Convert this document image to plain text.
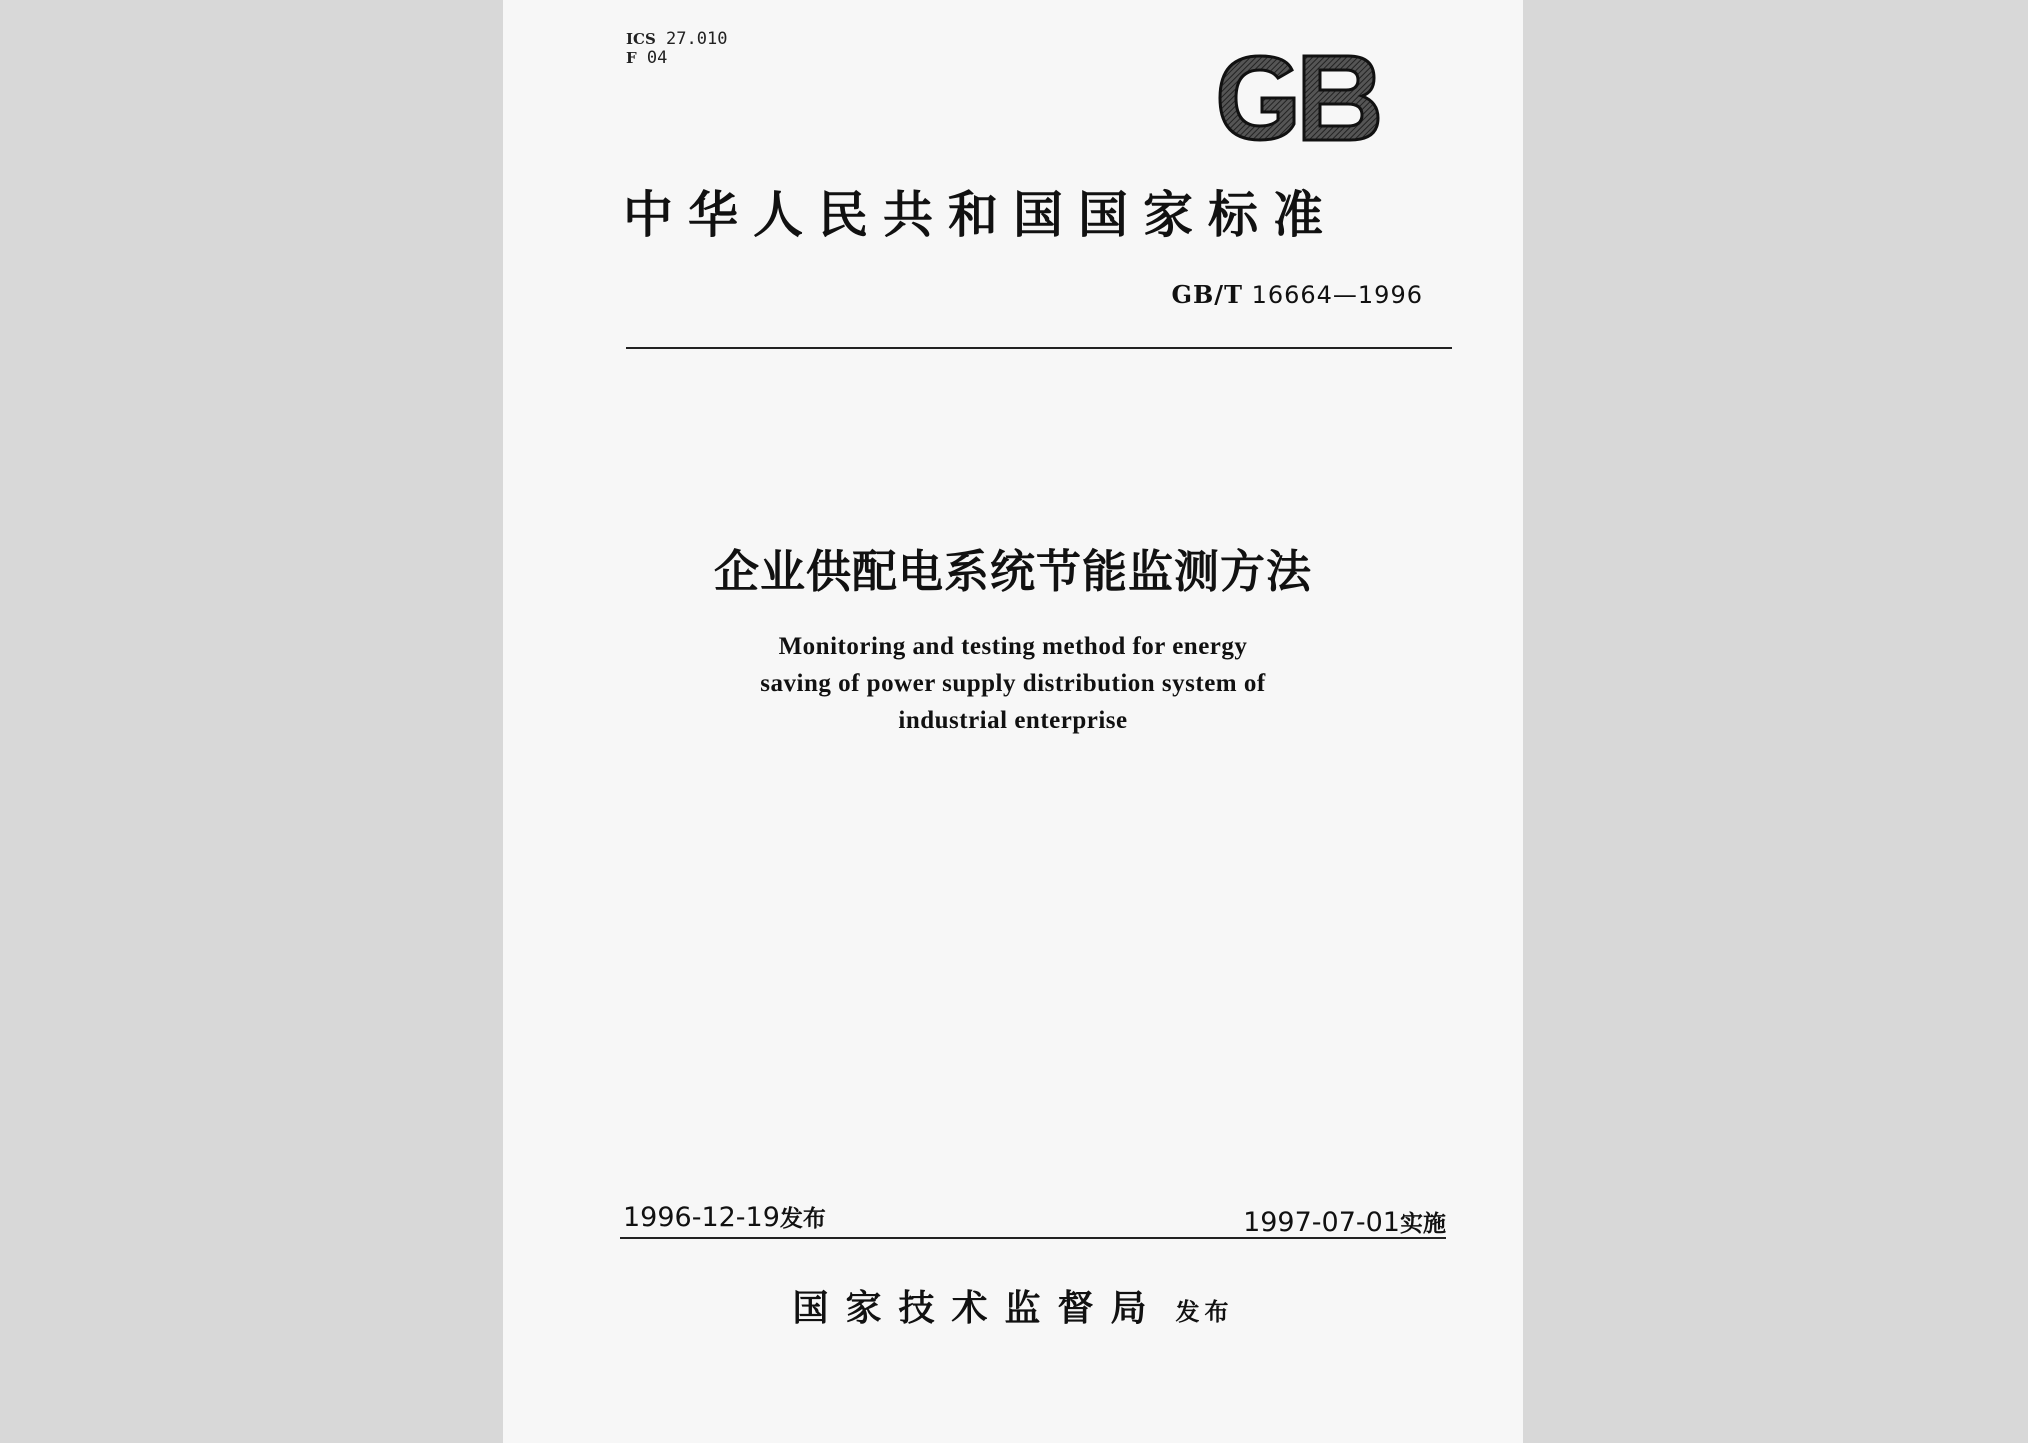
ICS 27.010
F 04
中华人民共和国国家标准
GB/T 16664—1996
企业供配电系统节能监测方法
Monitoring and testing method for energy
saving of power supply distribution system of
industrial enterprise
1996-12-19发布	1997-07-01实施
国家技术监督局 发布
